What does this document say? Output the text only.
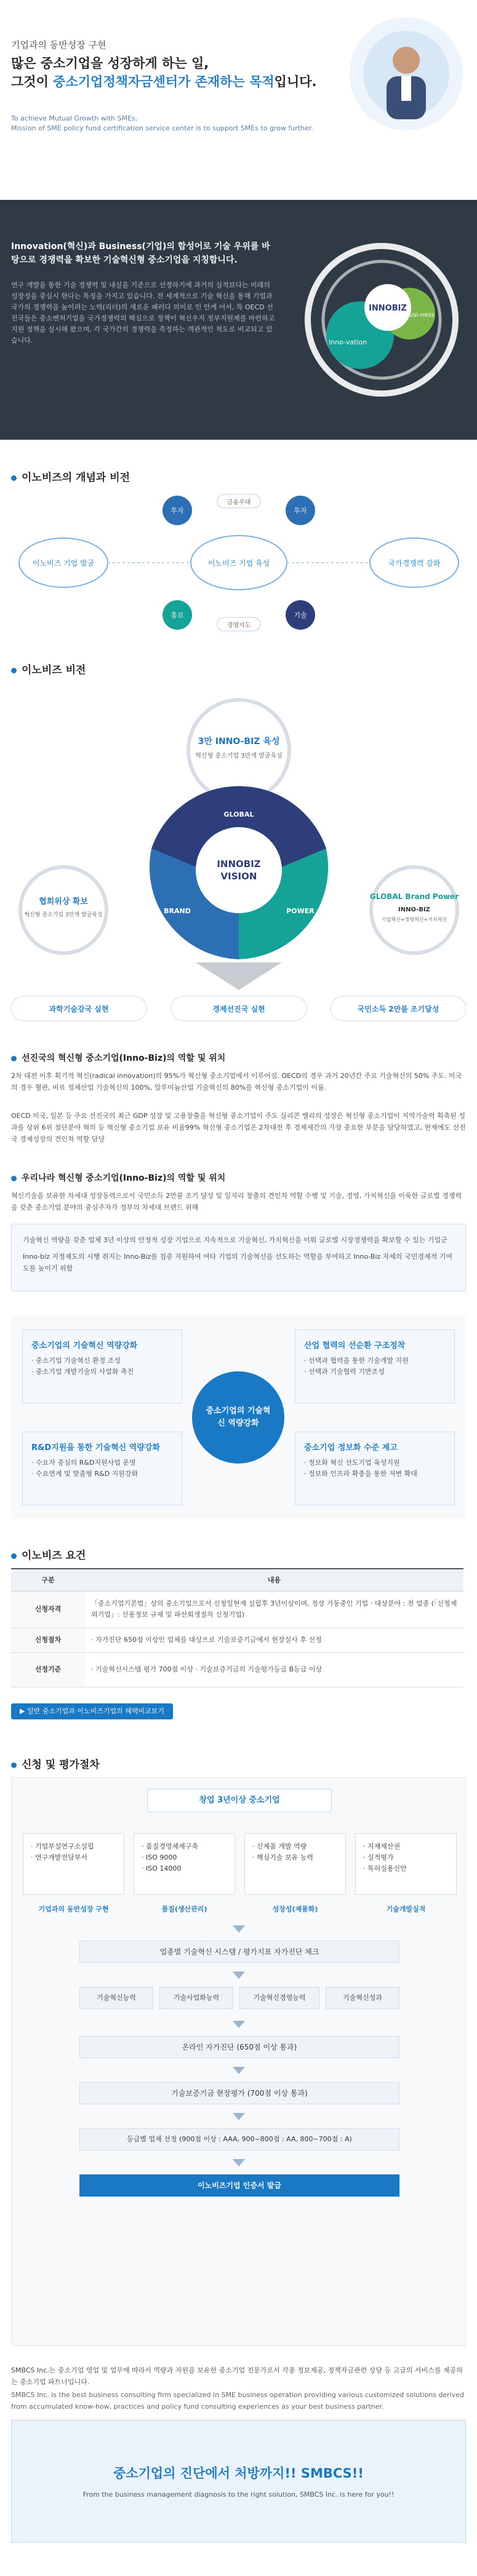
기업과의 동반성장 구현
많은 중소기업을 성장하게 하는 일,
그것이 중소기업정책자금센터가 존재하는 목적입니다.
To achieve Mutual Growth with SMEs,
Mission of SME policy fund certification service center is to support SMEs to grow further.
Innovation(혁신)과 Business(기업)의 합성어로 기술 우위를 바탕으로 경쟁력을 확보한 기술혁신형 중소기업을 지칭합니다.
연구 개발을 통한 기술 경쟁력 및 내실을 기준으로 선정하기에 과거의 실적보다는 미래의 성장성을 중심시 한다는 특징을 가지고 있습니다. 전 세계적으로 기술 혁신을 통해 기업과 국가의 경쟁력을 높이려는 노력(리더)의 새로운 패러다 의미로 인 안게 어서, 특 OECD 선진국들은 중소벤처기업을 국가경쟁력의 핵심으로 정책이 혁신우지 정부지원제를 마련하고 지원 정책을 실시해 왔으며, 각 국가간의 경쟁력을 측정하는 객관적인 척도로 비교되고 있습니다.
INNOBIZ
Inno-vation
Busi-ness
이노비즈의 개념과 비전
이노비즈 기업 발굴	이노비즈 기업 육성	국가경쟁력 강화
금융우대
경영지도
투자	투자
홍보	기술
이노비즈 비전
3만 INNO-BIZ 육성
혁신형 중소기업 3만개 발굴육성
협회위상 확보
혁신형 중소기업 3만개 발굴육성
GLOBAL Brand Power
INNO-BIZ
기업혁신+경영혁신+가치혁신
INNOBIZ
VISION
GLOBAL
BRAND	POWER
과학기술강국 실현	경제선진국 실현	국민소득 2만불 조기달성
선진국의 혁신형 중소기업(Inno-Biz)의 역할 및 위치
2차 대전 이후 획기적 혁신(radical innovation)의 95%가 혁신형 중소기업에서 이루어짐. OECD의 경우 과거 20년간 주요 기술혁신의 50% 주도. 미국의 경우 혈관, 비료 정체산업 기술혁신의 100%, 알루미늄산업 기술혁신의 80%를 혁신형 중소기업이 이룸.
OECD 미국, 일본 등 주요 선진국의 최근 GDP 성장 및 고용창출을 혁신형 중소기업이 주도 실리콘 밸리의 성장은 혁신형 중소기업이 지역가술력 획축된 성과를 상위 6위 첨단분야 혁의 등 혁신형 중소기업 보유 비율99% 혁신형 중소기업은 2차대전 후 경제세간의 가장 중요한 부분을 담당하였고, 현재에도 선진국 경제성장의 견인차 역할 담당
우리나라 혁신형 중소기업(Inno-Biz)의 역할 및 위치
혁신기술을 보유한 차세대 성장동력으로서 국민소득 2만불 조기 달성 및 일자리 창출의 견인차 역할 수행 및 기술, 경영, 가치혁신을 이룩한 글로벌 경쟁력을 갖춘 중소기업 분야의 중심주자가 정부의 차세대 브랜드 위해
기술혁신 역량을 갖춘 업체 3년 이상의 안정적 성장 기업으로 지속적으로 기술혁신, 가치혁신을 이뤄 글로벌 시장경쟁력을 확보할 수 있는 기업군
Inno-biz 지정제도의 시행 취지는 Inno-Biz를 집중 지원하여 여타 기업의 기술혁신을 선도하는 역할을 부여하고 Inno-Biz 자체의 국민경제적 기여도를 높이기 위함
중소기업의 기술혁신 역량강화
· 중소기업 기술혁신 환경 조성
· 중소기업 개발기술의 사업화 촉진
산업 협력의 선순환 구조정착
· 선택과 협력을 통한 기술개발 지원
· 선택과 기술협력 기반조성
R&D지원을 통한 기술혁신 역량강화
· 수요자 중심의 R&D지원사업 운영
· 수요연계 및 맞춤형 R&D 지원강화
중소기업 정보화 수준 제고
· 정보화 혁신 선도기업 육성지원
· 정보화 인프라 확충을 통한 저변 확대
중소기업의 기술혁신 역량강화
이노비즈 요건
구분	내용
신청자격	「중소기업기본법」상의 중소기업으로서 신청일현재 설립후 3년이상이며, 정상 가동중인 기업 · 대상분야 : 전 업종 (「신청제외기업」: 신용정보 규제 및 파산회생절차 신청기업)
신청절차	· 자가진단 650점 이상인 업체를 대상으로 기술보증기금에서 현장실사 후 선정
선정기준	· 기술혁신시스템 평가 700점 이상 · 기술보증기금의 기술평가등급 B등급 이상
▶ 일반 중소기업과 이노비즈기업의 혜택비교보기
신청 및 평가절차
창업 3년이상 중소기업
· 기업부설연구소설립
· 연구개발전담부서
· 품질경영체제구축
· ISO 9000
· ISO 14000
· 신제품 개발 역량
· 핵심기술 보유 능력
· 지재재산권
· 실적평가
· 특허실용신안
기업과의 동반성장 구현	품질(생산관리)	성장성(제품화)	기술개발실적
업종별 기술혁신 시스템 / 평가지표 자가진단 체크
기술혁신능력	기술사업화능력	기술혁신경영능력	기술혁신성과
온라인 자가진단 (650점 이상 통과)
기술보증기금 현장평가 (700점 이상 통과)
등급별 업체 선정 (900점 이상 : AAA, 900~800점 : AA, 800~700점 : A)
이노비즈기업 인증서 발급
SMBCS Inc.는 중소기업 영업 및 업무에 따라서 역량과 자원을 보유한 중소기업 전문가로서 각종 정보제공, 정책자금관련 상담 등 고급의 서비스를 제공하는 중소기업 파트너입니다.
SMBCS Inc. is the best business consulting firm specialized in SME business operation providing various customized solutions derived from accumulated know-how, practices and policy fund consulting experiences as your best business partner.
중소기업의 진단에서 처방까지!! SMBCS!!
From the business management diagnosis to the right solution, SMBCS Inc. is here for you!!
